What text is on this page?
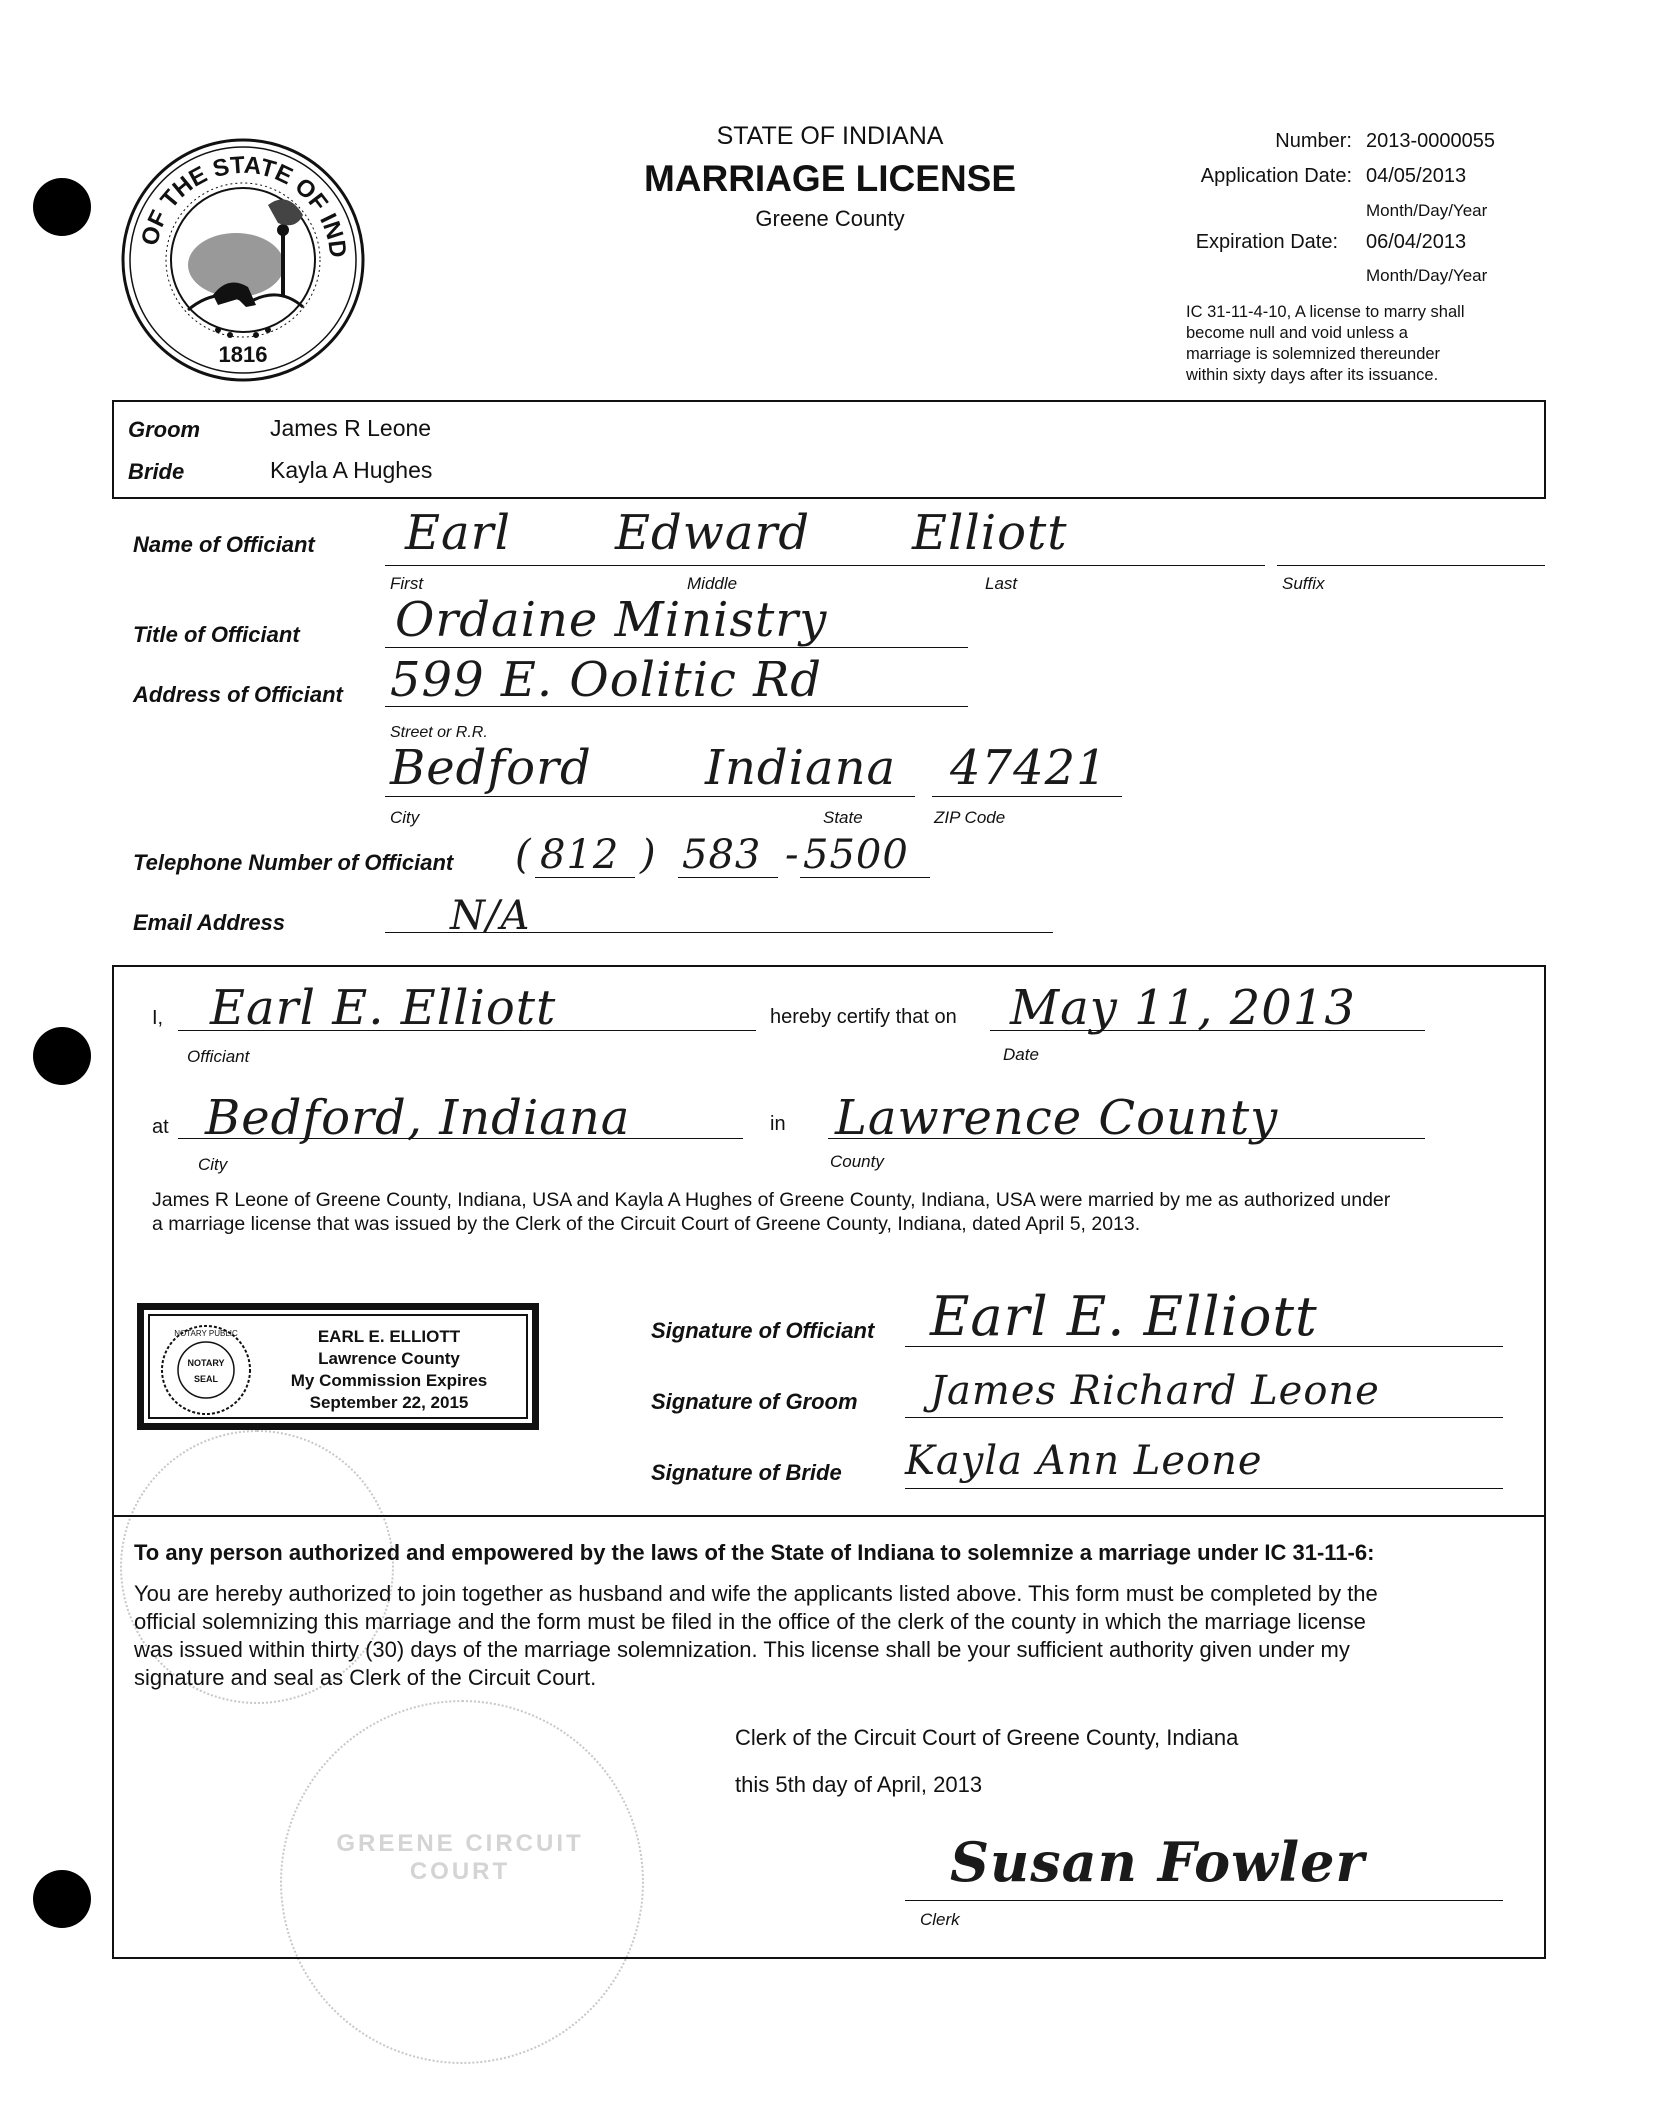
OF THE STATE OF IND
1816
STATE OF INDIANA
MARRIAGE LICENSE
Greene County
Number: 2013-0000055
Application Date: 04/05/2013
Month/Day/Year
Expiration Date: 06/04/2013
Month/Day/Year
IC 31-11-4-10, A license to marry shall
become null and void unless a
marriage is solemnized thereunder
within sixty days after its issuance.
Groom	James R Leone
Bride	Kayla A Hughes
Name of Officiant Earl Edward Elliott
First	Middle	Last	Suffix
Title of Officiant Ordaine Ministry
Address of Officiant 599 E. Oolitic Rd
Street or R.R.
Bedford Indiana 47421
City	State	ZIP Code
Telephone Number of Officiant ( 812 ) 583 - 5500
Email Address	N/A
I, Earl E. Elliott
Officiant
hereby certify that on May 11, 2013
Date
at Bedford, Indiana
City
in Lawrence County
County
James R Leone of Greene County, Indiana, USA and Kayla A Hughes of Greene County, Indiana, USA were married by me as authorized under
a marriage license that was issued by the Clerk of the Circuit Court of Greene County, Indiana, dated April 5, 2013.
NOTARY
SEAL
NOTARY PUBLIC	EARL E. ELLIOTT
Lawrence County
My Commission Expires
September 22, 2015
GREENE CIRCUIT COURT
Signature of Officiant Earl E. Elliott
Signature of Groom James Richard Leone
Signature of Bride Kayla Ann Leone
To any person authorized and empowered by the laws of the State of Indiana to solemnize a marriage under IC 31-11-6:
You are hereby authorized to join together as husband and wife the applicants listed above. This form must be completed by the
official solemnizing this marriage and the form must be filed in the office of the clerk of the county in which the marriage license
was issued within thirty (30) days of the marriage solemnization. This license shall be your sufficient authority given under my
signature and seal as Clerk of the Circuit Court.
Clerk of the Circuit Court of Greene County, Indiana
this 5th day of April, 2013
Susan Fowler
Clerk
